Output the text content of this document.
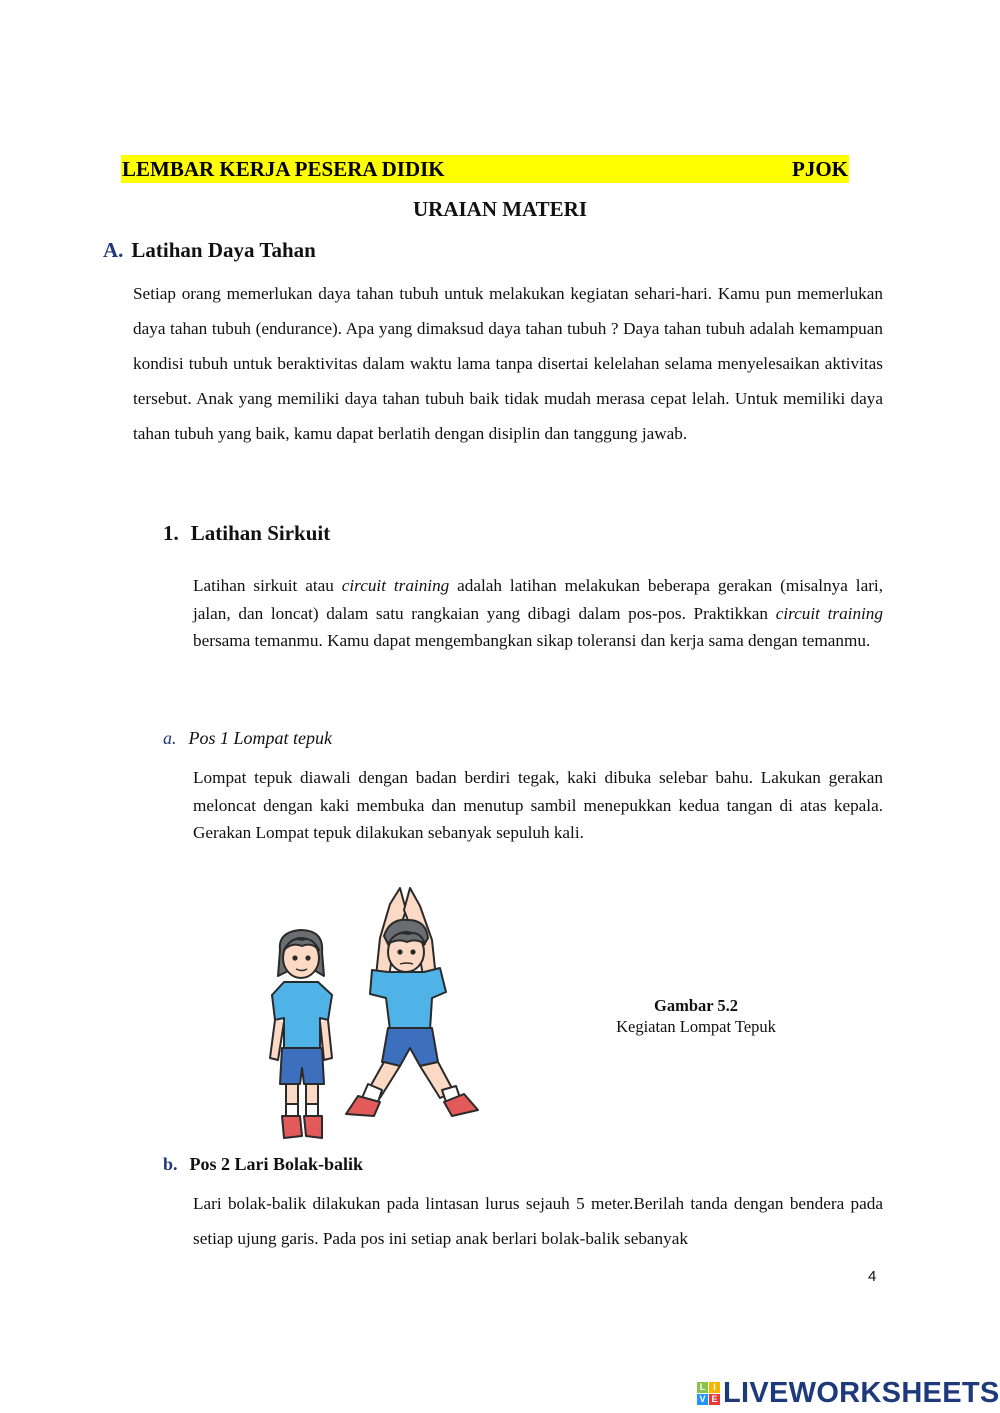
LEMBAR KERJA PESERA DIDIK	PJOK
URAIAN MATERI
A. Latihan Daya Tahan
Setiap orang memerlukan daya tahan tubuh untuk melakukan kegiatan sehari-hari. Kamu pun memerlukan daya tahan tubuh (endurance). Apa yang dimaksud daya tahan tubuh ? Daya tahan tubuh adalah kemampuan kondisi tubuh untuk beraktivitas dalam waktu lama tanpa disertai kelelahan selama menyelesaikan aktivitas tersebut. Anak yang memiliki daya tahan tubuh baik tidak mudah merasa cepat lelah. Untuk memiliki daya tahan tubuh yang baik, kamu dapat berlatih dengan disiplin dan tanggung jawab.
1. Latihan Sirkuit
Latihan sirkuit atau circuit training adalah latihan melakukan beberapa gerakan (misalnya lari, jalan, dan loncat) dalam satu rangkaian yang dibagi dalam pos-pos. Praktikkan circuit training bersama temanmu. Kamu dapat mengembangkan sikap toleransi dan kerja sama dengan temanmu.
a. Pos 1 Lompat tepuk
Lompat tepuk diawali dengan badan berdiri tegak, kaki dibuka selebar bahu. Lakukan gerakan meloncat dengan kaki membuka dan menutup sambil menepukkan kedua tangan di atas kepala. Gerakan Lompat tepuk dilakukan sebanyak sepuluh kali.
Gambar 5.2
Kegiatan Lompat Tepuk
b. Pos 2 Lari Bolak-balik
Lari bolak-balik dilakukan pada lintasan lurus sejauh 5 meter.Berilah tanda dengan bendera pada setiap ujung garis. Pada pos ini setiap anak berlari bolak-balik sebanyak
4
L I
V E LIVEWORKSHEETS
